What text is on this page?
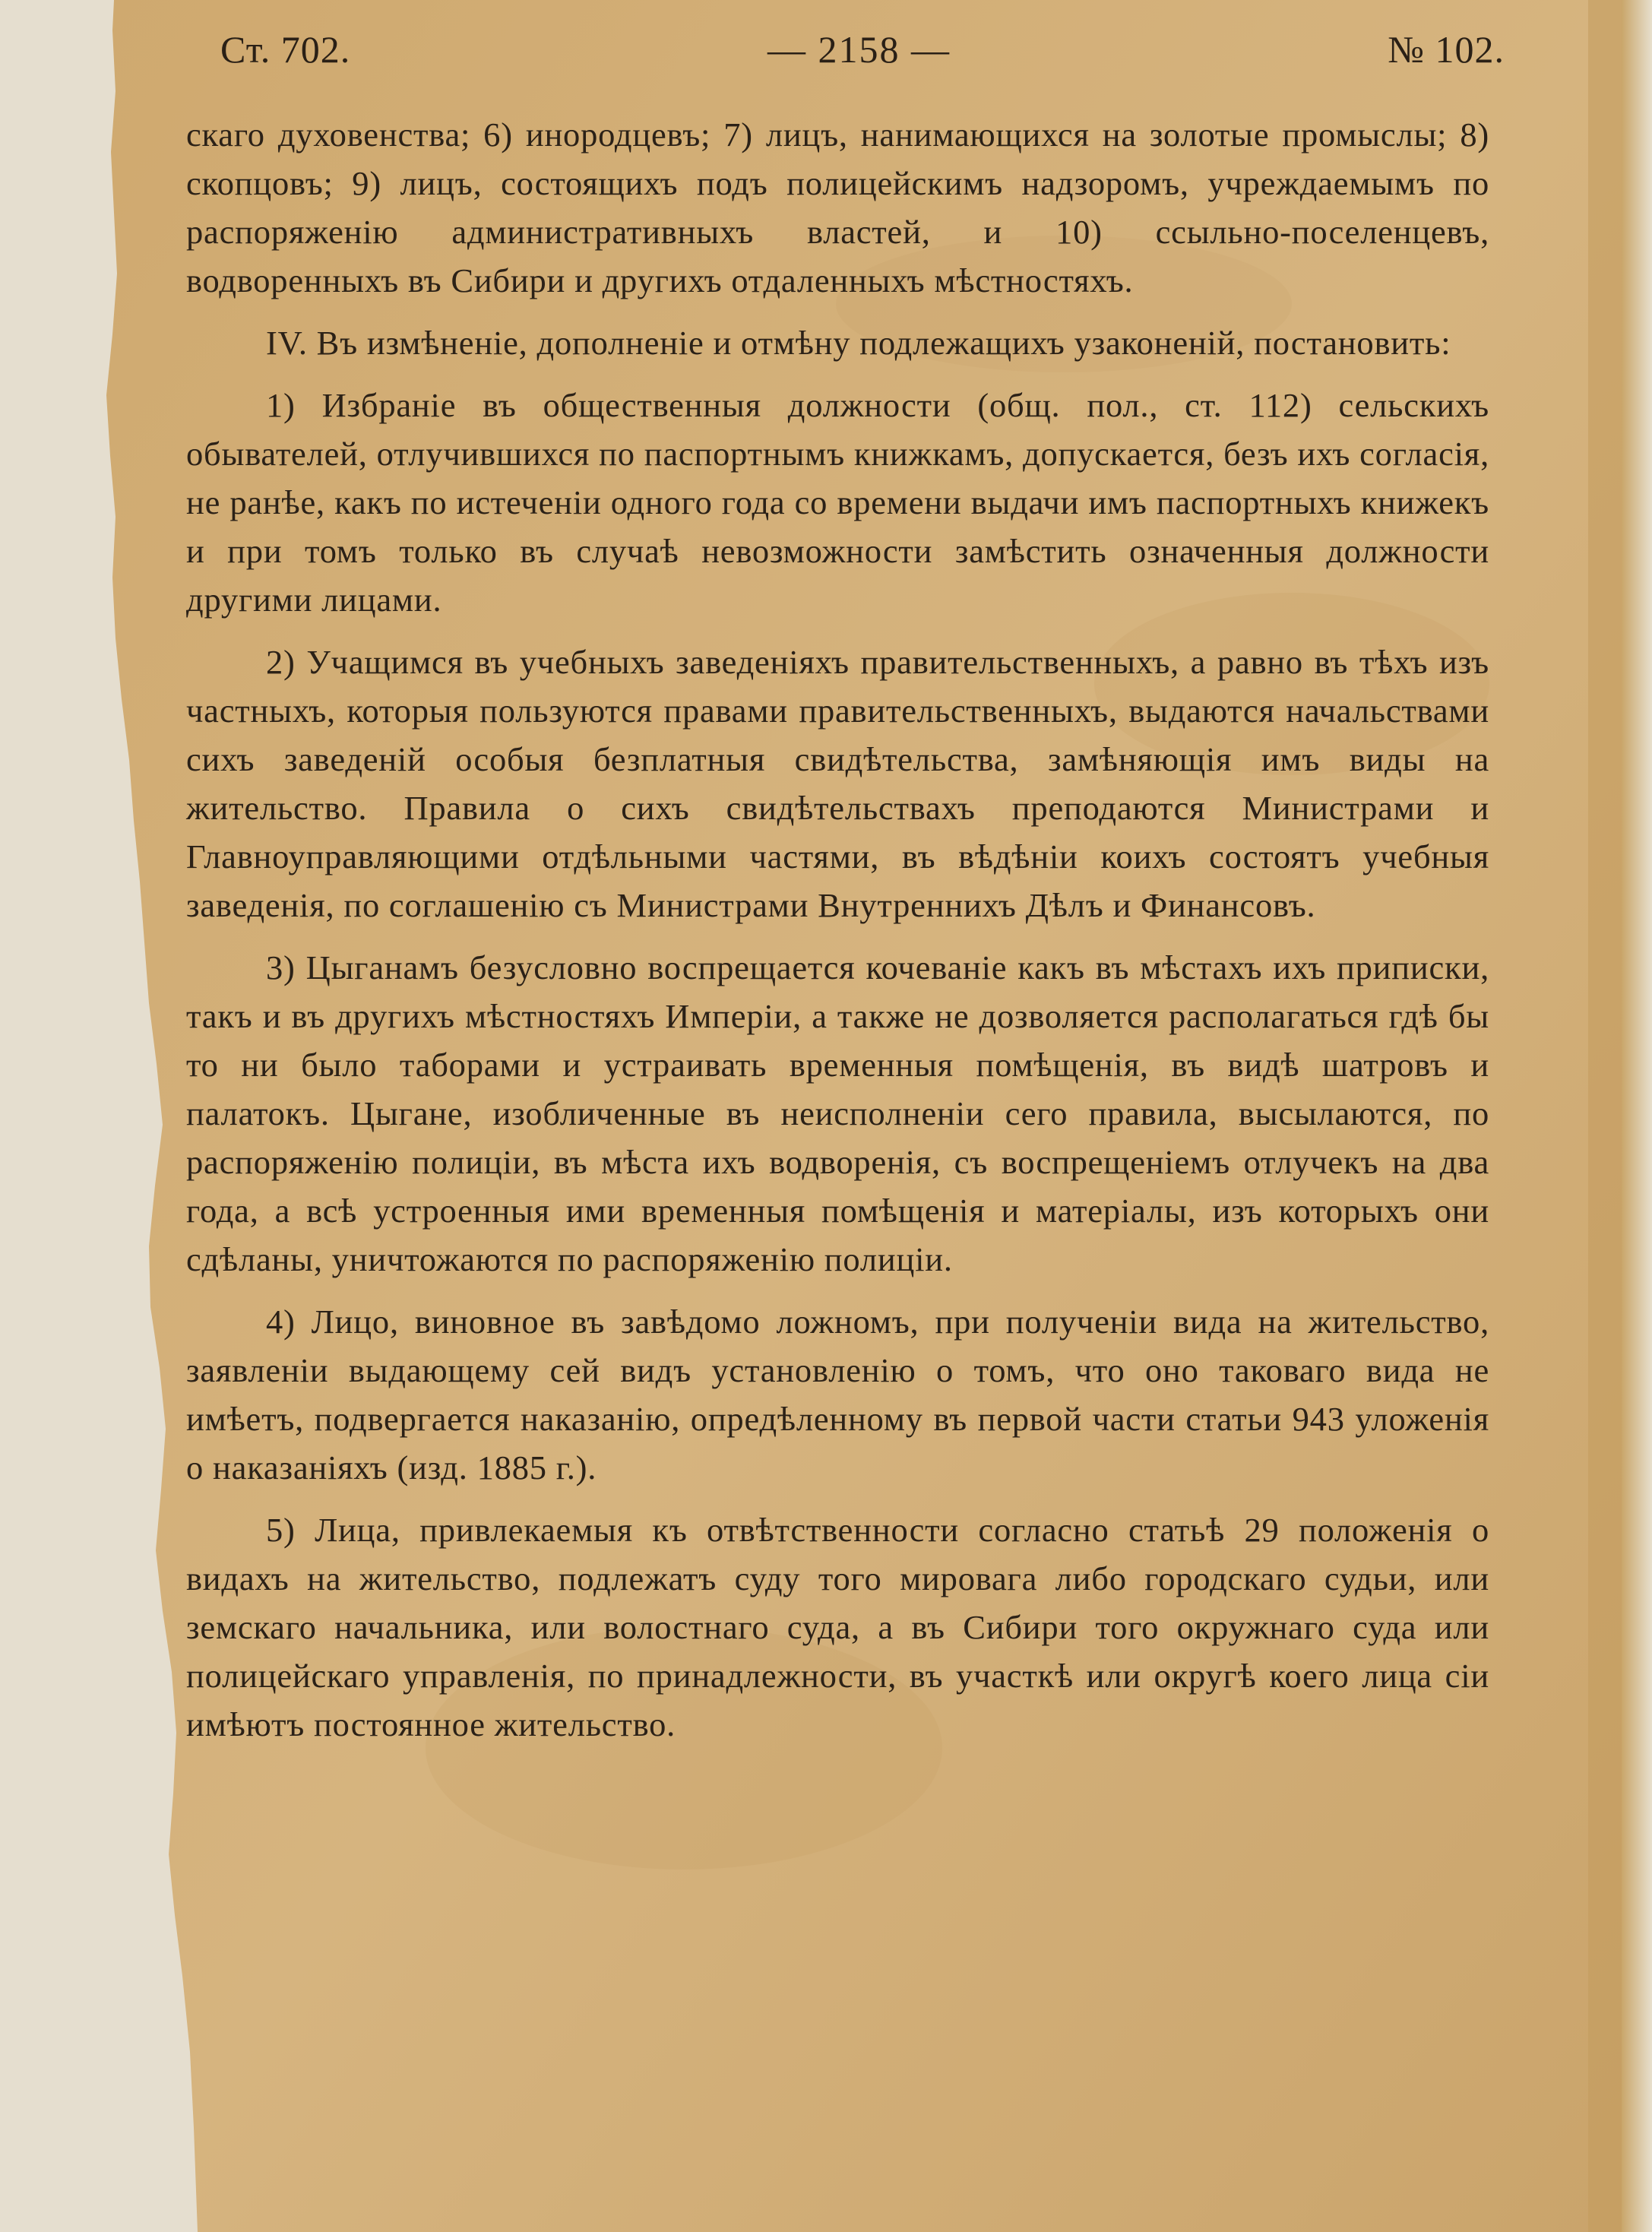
Ст. 702.	— 2158 —	№ 102.

скаго духовенства; 6) инородцевъ; 7) лицъ, нанимающихся на золотые промыслы; 8) скопцовъ; 9) лицъ, состоящихъ подъ полицейскимъ надзоромъ, учреждаемымъ по распоряженію административныхъ властей, и 10) ссыльно-поселенцевъ, водворенныхъ въ Сибири и другихъ отдаленныхъ мѣстностяхъ.

IV. Въ измѣненіе, дополненіе и отмѣну подлежащихъ узаконеній, постановить:

1) Избраніе въ общественныя должности (общ. пол., ст. 112) сельскихъ обывателей, отлучившихся по паспортнымъ книжкамъ, допускается, безъ ихъ согласія, не ранѣе, какъ по истеченіи одного года со времени выдачи имъ паспортныхъ книжекъ и при томъ только въ случаѣ невозможности замѣстить означенныя должности другими лицами.

2) Учащимся въ учебныхъ заведеніяхъ правительственныхъ, а равно въ тѣхъ изъ частныхъ, которыя пользуются правами правительственныхъ, выдаются начальствами сихъ заведеній особыя безплатныя свидѣтельства, замѣняющія имъ виды на жительство. Правила о сихъ свидѣтельствахъ преподаются Министрами и Главноуправляющими отдѣльными частями, въ вѣдѣніи коихъ состоятъ учебныя заведенія, по соглашенію съ Министрами Внутреннихъ Дѣлъ и Финансовъ.

3) Цыганамъ безусловно воспрещается кочеваніе какъ въ мѣстахъ ихъ приписки, такъ и въ другихъ мѣстностяхъ Имперіи, а также не дозволяется располагаться гдѣ бы то ни было таборами и устраивать временныя помѣщенія, въ видѣ шатровъ и палатокъ. Цыгане, изобличенные въ неисполненіи сего правила, высылаются, по распоряженію полиціи, въ мѣста ихъ водворенія, съ воспрещеніемъ отлучекъ на два года, а всѣ устроенныя ими временныя помѣщенія и матеріалы, изъ которыхъ они сдѣланы, уничтожаются по распоряженію полиціи.

4) Лицо, виновное въ завѣдомо ложномъ, при полученіи вида на жительство, заявленіи выдающему сей видъ установленію о томъ, что оно таковаго вида не имѣетъ, подвергается наказанію, опредѣленному въ первой части статьи 943 уложенія о наказаніяхъ (изд. 1885 г.).

5) Лица, привлекаемыя къ отвѣтственности согласно статьѣ 29 положенія о видахъ на жительство, подлежатъ суду того мировага либо городскаго судьи, или земскаго начальника, или волостнаго суда, а въ Сибири того окружнаго суда или полицейскаго управленія, по принадлежности, въ участкѣ или округѣ коего лица сіи имѣютъ постоянное жительство.
